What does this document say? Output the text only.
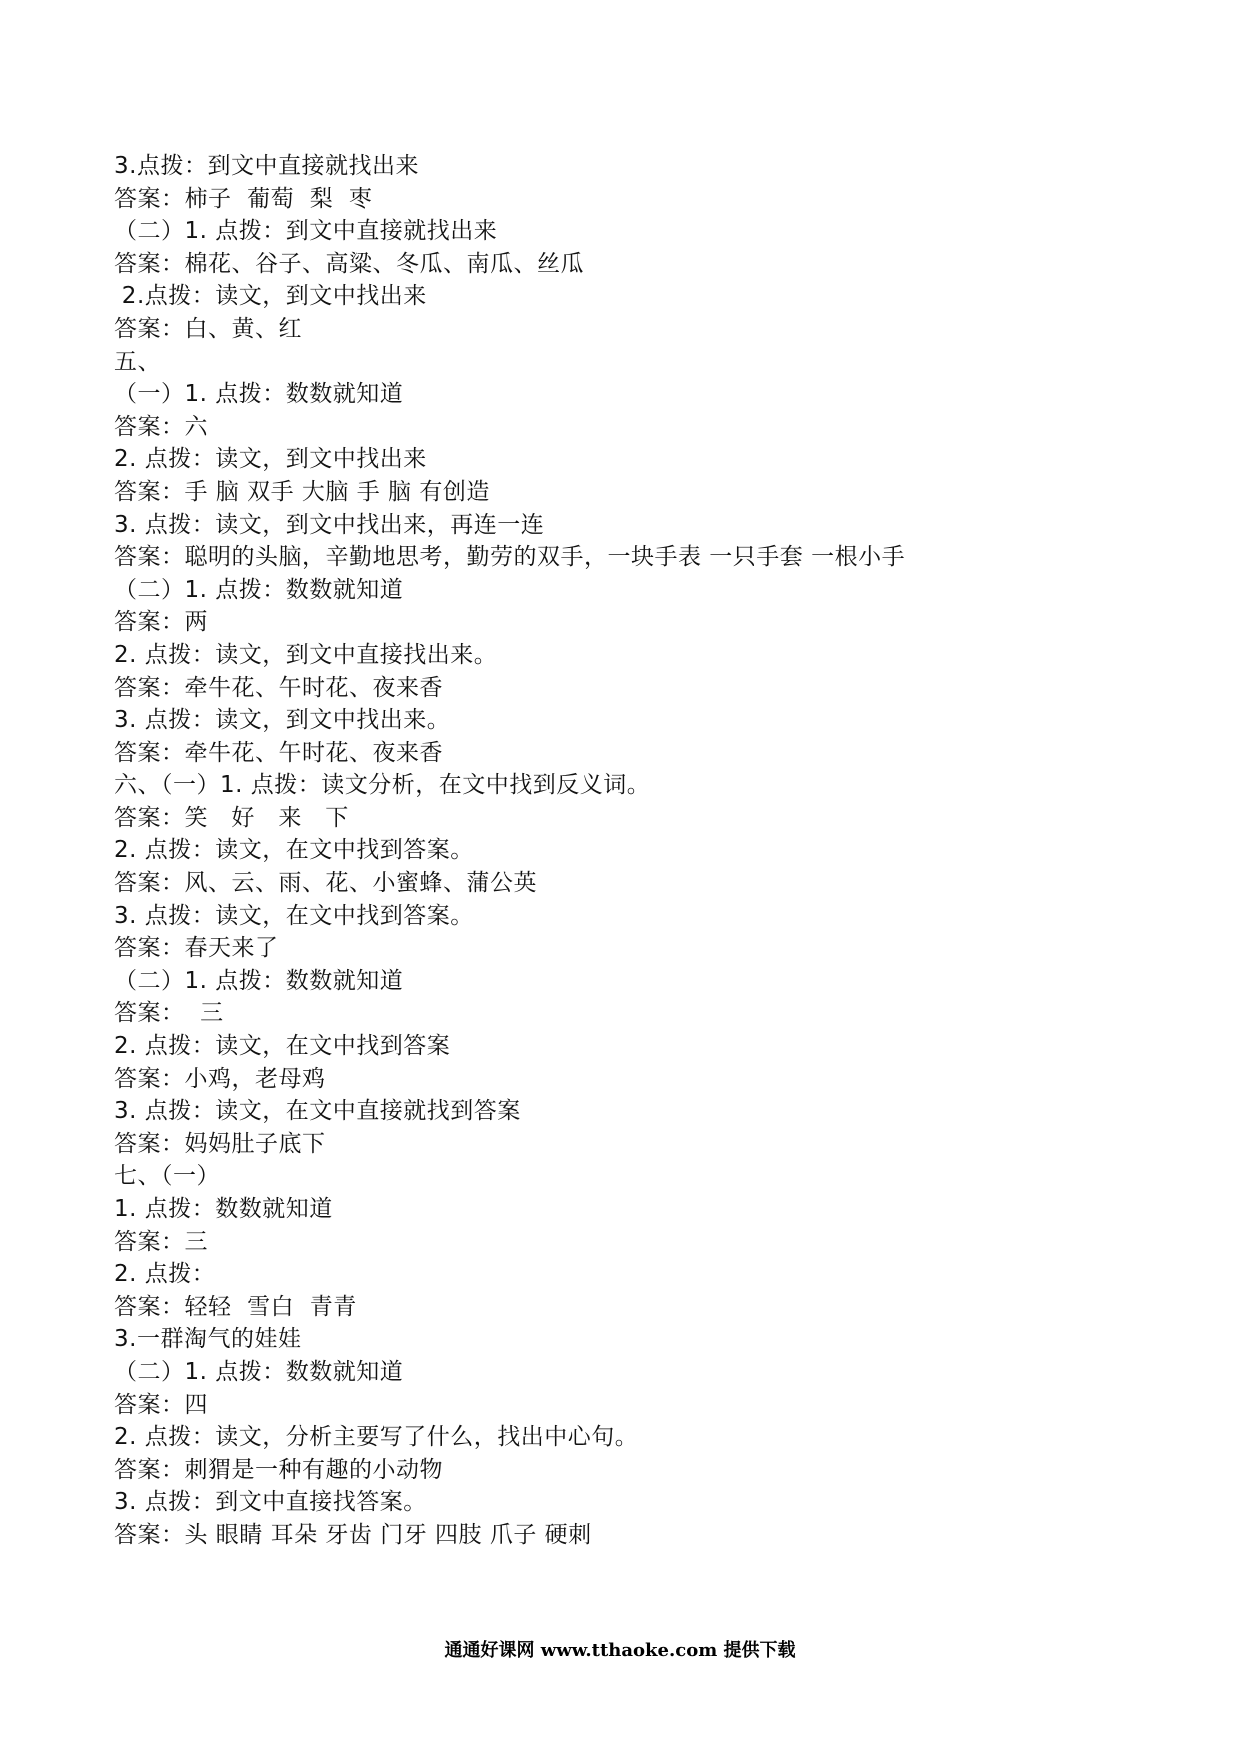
3.点拨：到文中直接就找出来
答案：柿子  葡萄  梨  枣
（二）1. 点拨：到文中直接就找出来
答案：棉花、谷子、高粱、冬瓜、南瓜、丝瓜
2.点拨：读文，到文中找出来
答案：白、黄、红
五、
（一）1. 点拨：数数就知道
答案：六
2. 点拨：读文，到文中找出来
答案：手 脑 双手 大脑 手 脑 有创造
3. 点拨：读文，到文中找出来，再连一连
答案：聪明的头脑，辛勤地思考，勤劳的双手，一块手表 一只手套 一根小手
（二）1. 点拨：数数就知道
答案：两
2. 点拨：读文，到文中直接找出来。
答案：牵牛花、午时花、夜来香
3. 点拨：读文，到文中找出来。
答案：牵牛花、午时花、夜来香
六、（一）1. 点拨：读文分析，在文中找到反义词。
答案：笑   好   来   下
2. 点拨：读文，在文中找到答案。
答案：风、云、雨、花、小蜜蜂、蒲公英
3. 点拨：读文，在文中找到答案。
答案：春天来了
（二）1. 点拨：数数就知道
答案：  三
2. 点拨：读文，在文中找到答案
答案：小鸡，老母鸡
3. 点拨：读文，在文中直接就找到答案
答案：妈妈肚子底下
七、（一）
1. 点拨：数数就知道
答案：三
2. 点拨：
答案：轻轻  雪白  青青
3.一群淘气的娃娃
（二）1. 点拨：数数就知道
答案：四
2. 点拨：读文，分析主要写了什么，找出中心句。
答案：刺猬是一种有趣的小动物
3. 点拨：到文中直接找答案。
答案：头 眼睛 耳朵 牙齿 门牙 四肢 爪子 硬刺
通通好课网 www.tthaoke.com 提供下载
